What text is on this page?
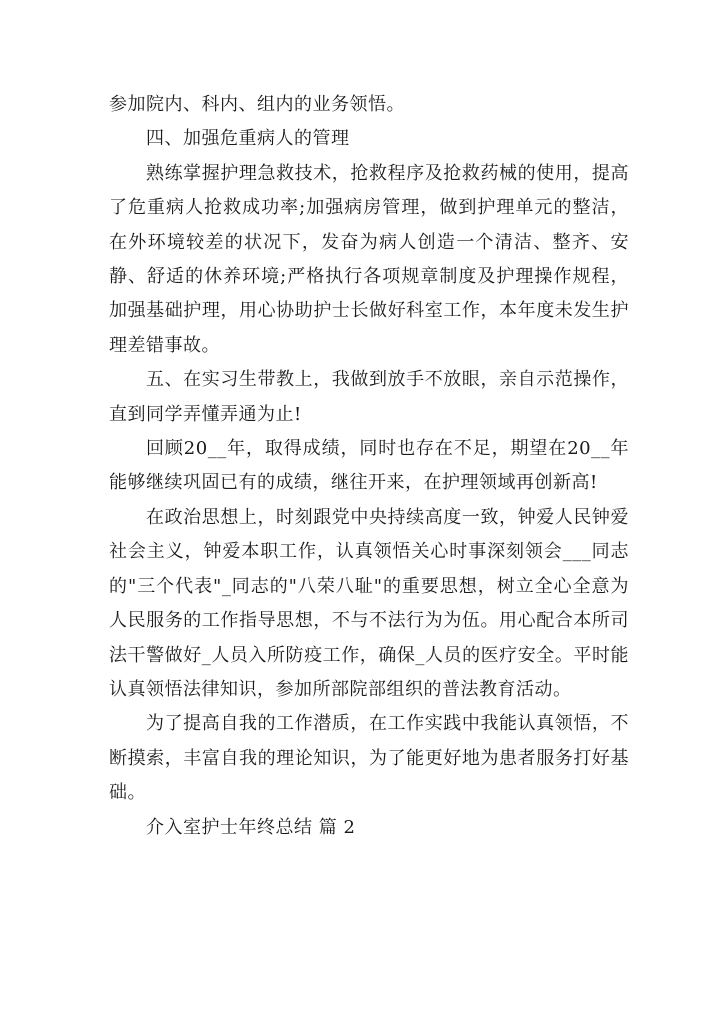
参加院内、科内、组内的业务领悟。

四、加强危重病人的管理

熟练掌握护理急救技术，抢救程序及抢救药械的使用，提高了危重病人抢救成功率;加强病房管理，做到护理单元的整洁，在外环境较差的状况下，发奋为病人创造一个清洁、整齐、安静、舒适的休养环境;严格执行各项规章制度及护理操作规程，加强基础护理，用心协助护士长做好科室工作，本年度未发生护理差错事故。

五、在实习生带教上，我做到放手不放眼，亲自示范操作，直到同学弄懂弄通为止!

回顾20__年，取得成绩，同时也存在不足，期望在20__年能够继续巩固已有的成绩，继往开来，在护理领域再创新高!

在政治思想上，时刻跟党中央持续高度一致，钟爱人民钟爱社会主义，钟爱本职工作，认真领悟关心时事深刻领会___同志的"三个代表"_同志的"八荣八耻"的重要思想，树立全心全意为人民服务的工作指导思想，不与不法行为为伍。用心配合本所司法干警做好_人员入所防疫工作，确保_人员的医疗安全。平时能认真领悟法律知识，参加所部院部组织的普法教育活动。

为了提高自我的工作潜质，在工作实践中我能认真领悟，不断摸索，丰富自我的理论知识，为了能更好地为患者服务打好基础。

介入室护士年终总结 篇 2
